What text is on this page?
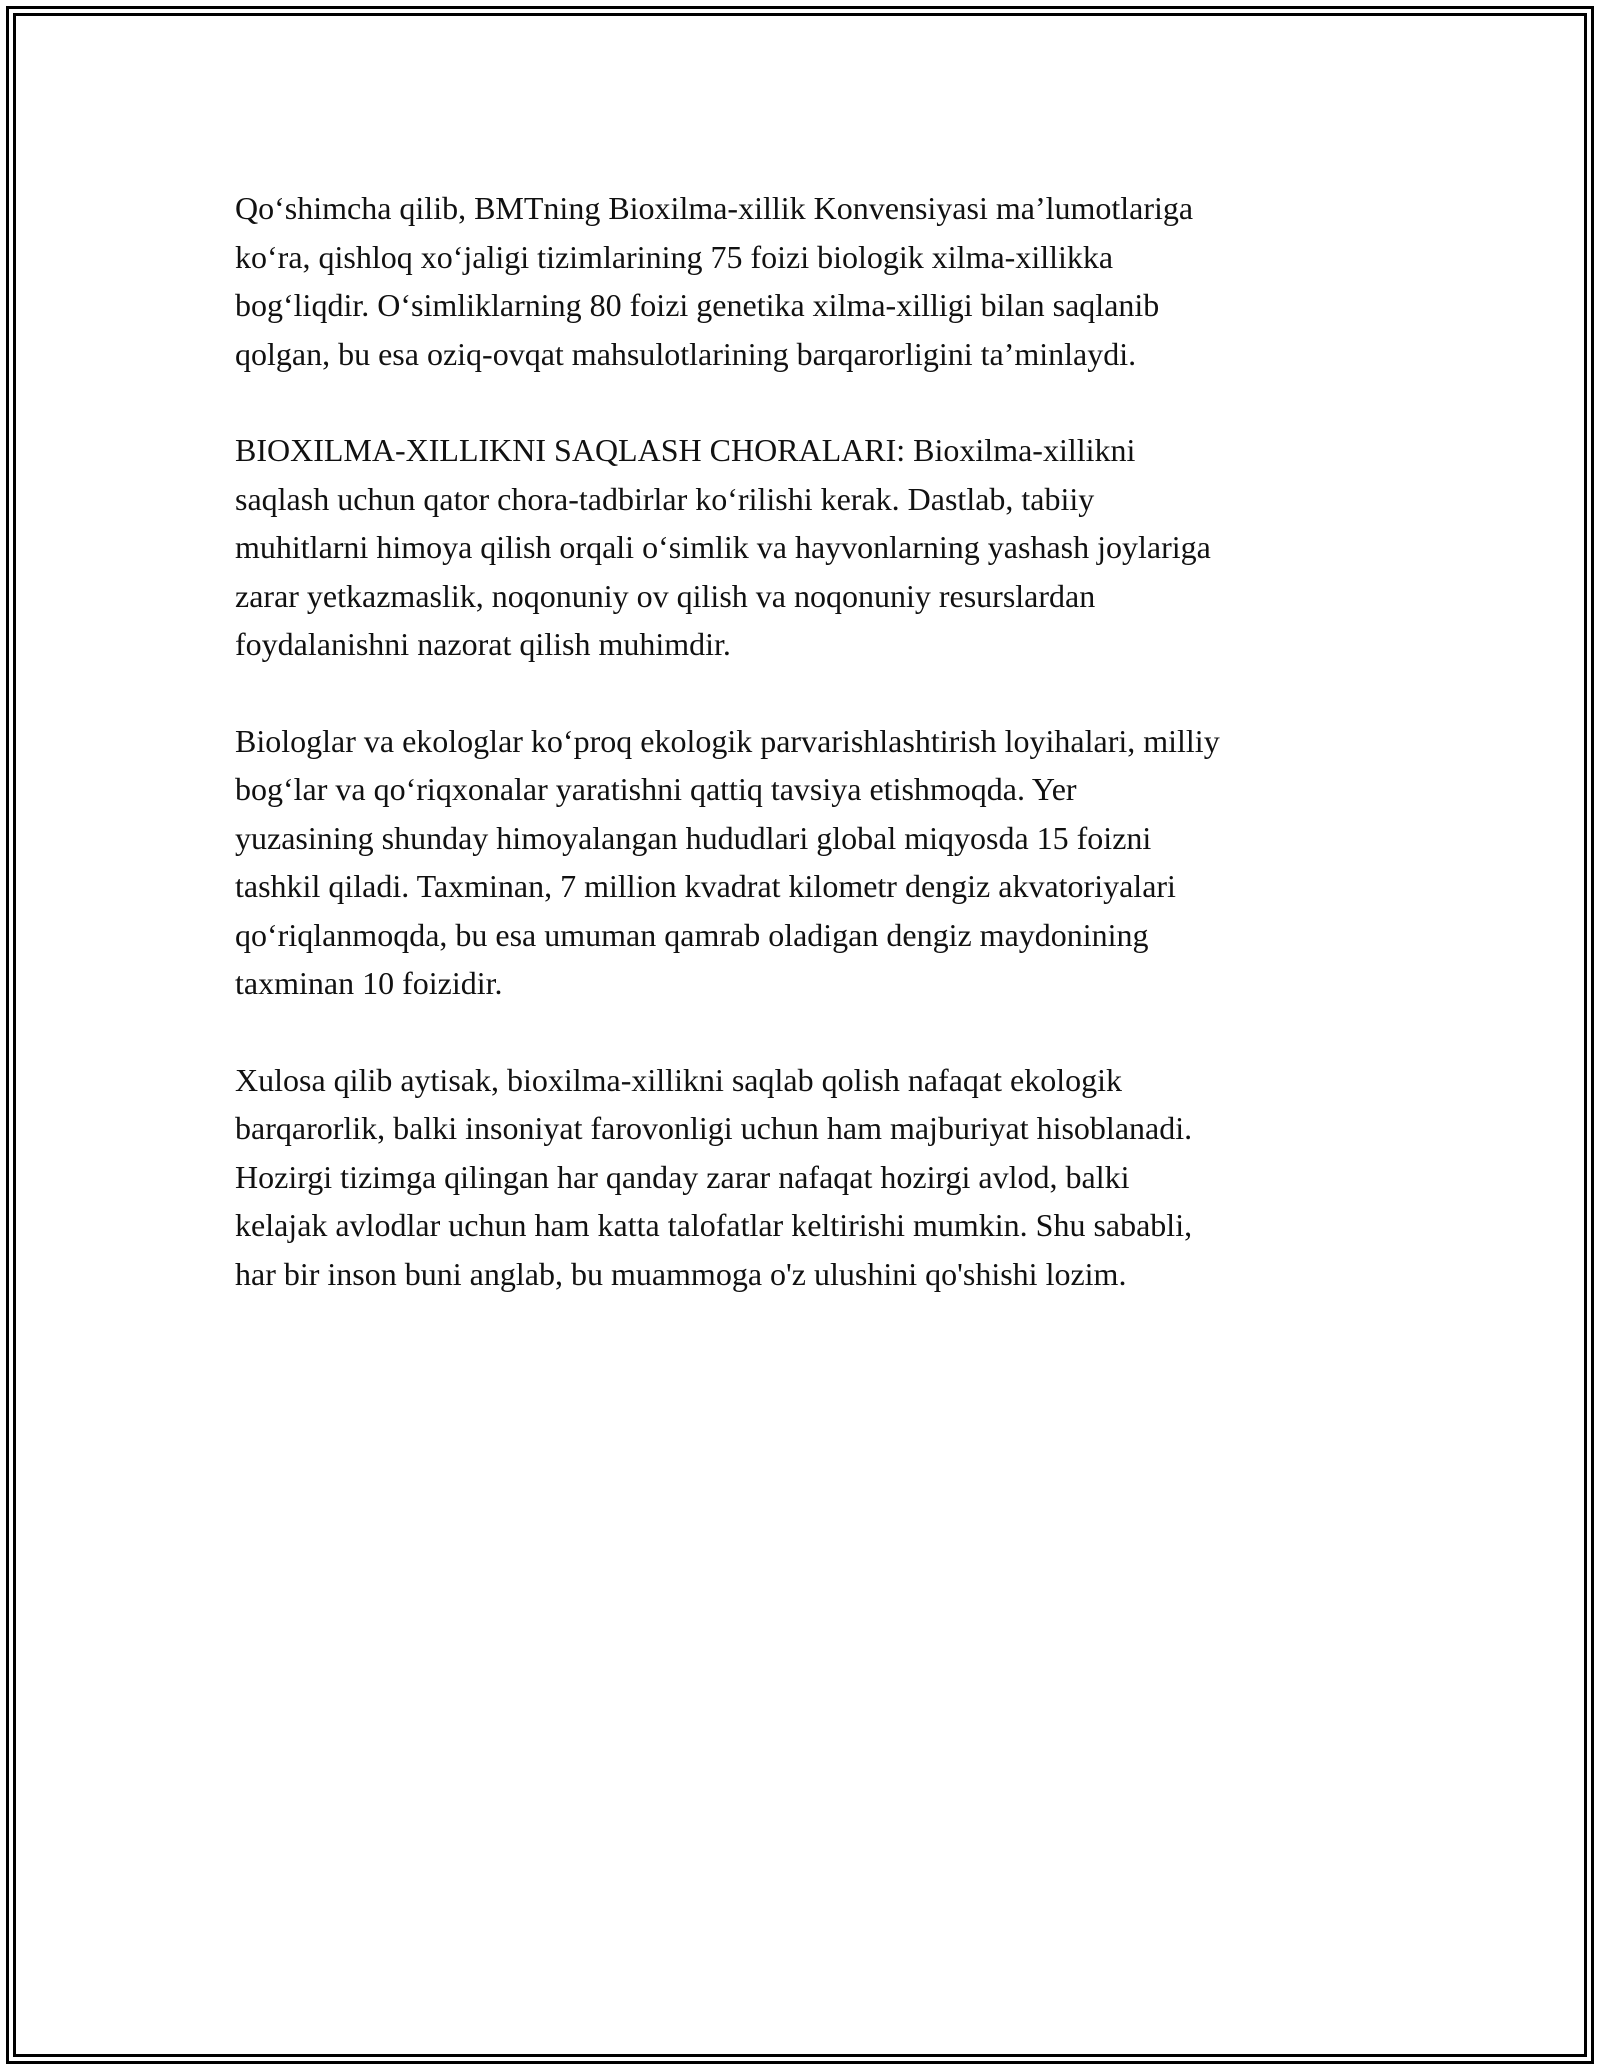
Qo‘shimcha qilib, BMTning Bioxilma-xillik Konvensiyasi ma’lumotlariga
ko‘ra, qishloq xo‘jaligi tizimlarining 75 foizi biologik xilma-xillikka
bog‘liqdir. O‘simliklarning 80 foizi genetika xilma-xilligi bilan saqlanib
qolgan, bu esa oziq-ovqat mahsulotlarining barqarorligini ta’minlaydi.

BIOXILMA-XILLIKNI SAQLASH CHORALARI: Bioxilma-xillikni
saqlash uchun qator chora-tadbirlar ko‘rilishi kerak. Dastlab, tabiiy
muhitlarni himoya qilish orqali o‘simlik va hayvonlarning yashash joylariga
zarar yetkazmaslik, noqonuniy ov qilish va noqonuniy resurslardan
foydalanishni nazorat qilish muhimdir.

Biologlar va ekologlar ko‘proq ekologik parvarishlashtirish loyihalari, milliy
bog‘lar va qo‘riqxonalar yaratishni qattiq tavsiya etishmoqda. Yer
yuzasining shunday himoyalangan hududlari global miqyosda 15 foizni
tashkil qiladi. Taxminan, 7 million kvadrat kilometr dengiz akvatoriyalari
qo‘riqlanmoqda, bu esa umuman qamrab oladigan dengiz maydonining
taxminan 10 foizidir.

Xulosa qilib aytisak, bioxilma-xillikni saqlab qolish nafaqat ekologik
barqarorlik, balki insoniyat farovonligi uchun ham majburiyat hisoblanadi.
Hozirgi tizimga qilingan har qanday zarar nafaqat hozirgi avlod, balki
kelajak avlodlar uchun ham katta talofatlar keltirishi mumkin. Shu sababli,
har bir inson buni anglab, bu muammoga o'z ulushini qo'shishi lozim.
